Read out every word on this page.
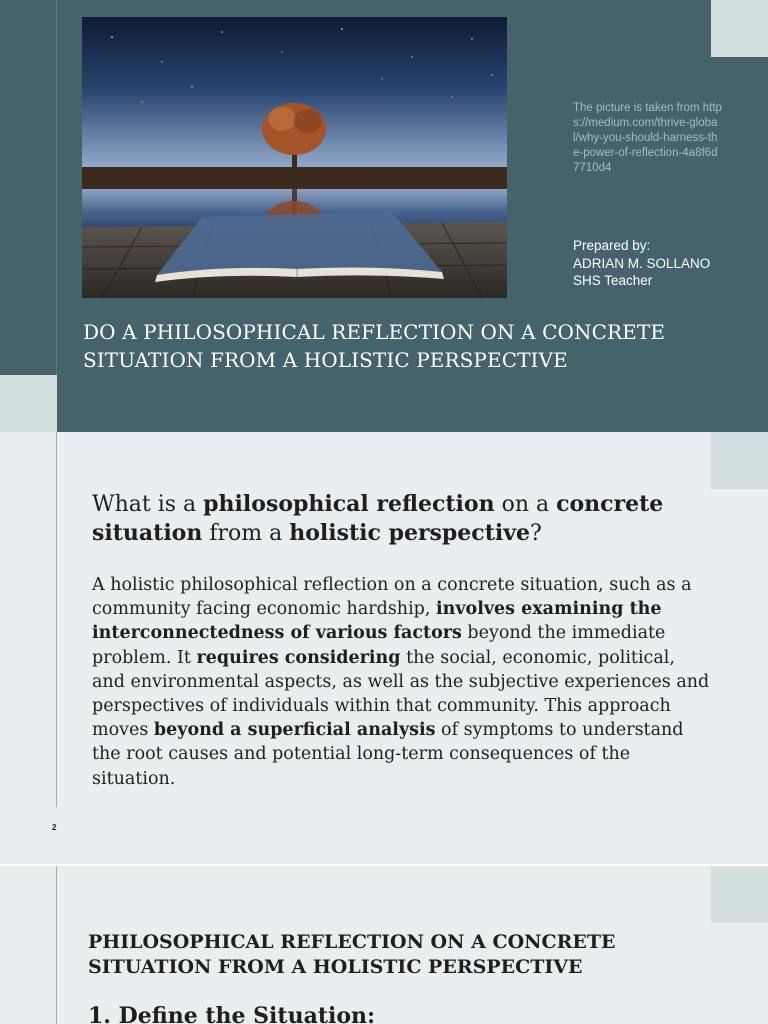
The picture is taken from https://medium.com/thrive-global/why-you-should-harness-the-power-of-reflection-4a8f6d7710d4
Prepared by:
ADRIAN M. SOLLANO
SHS Teacher
DO A PHILOSOPHICAL REFLECTION ON A CONCRETE SITUATION FROM A HOLISTIC PERSPECTIVE

What is a philosophical reflection on a concrete situation from a holistic perspective?

A holistic philosophical reflection on a concrete situation, such as a community facing economic hardship, involves examining the interconnectedness of various factors beyond the immediate problem. It requires considering the social, economic, political, and environmental aspects, as well as the subjective experiences and perspectives of individuals within that community. This approach moves beyond a superficial analysis of symptoms to understand the root causes and potential long-term consequences of the situation.

2
PHILOSOPHICAL REFLECTION ON A CONCRETE SITUATION FROM A HOLISTIC PERSPECTIVE
1. Define the Situation:
